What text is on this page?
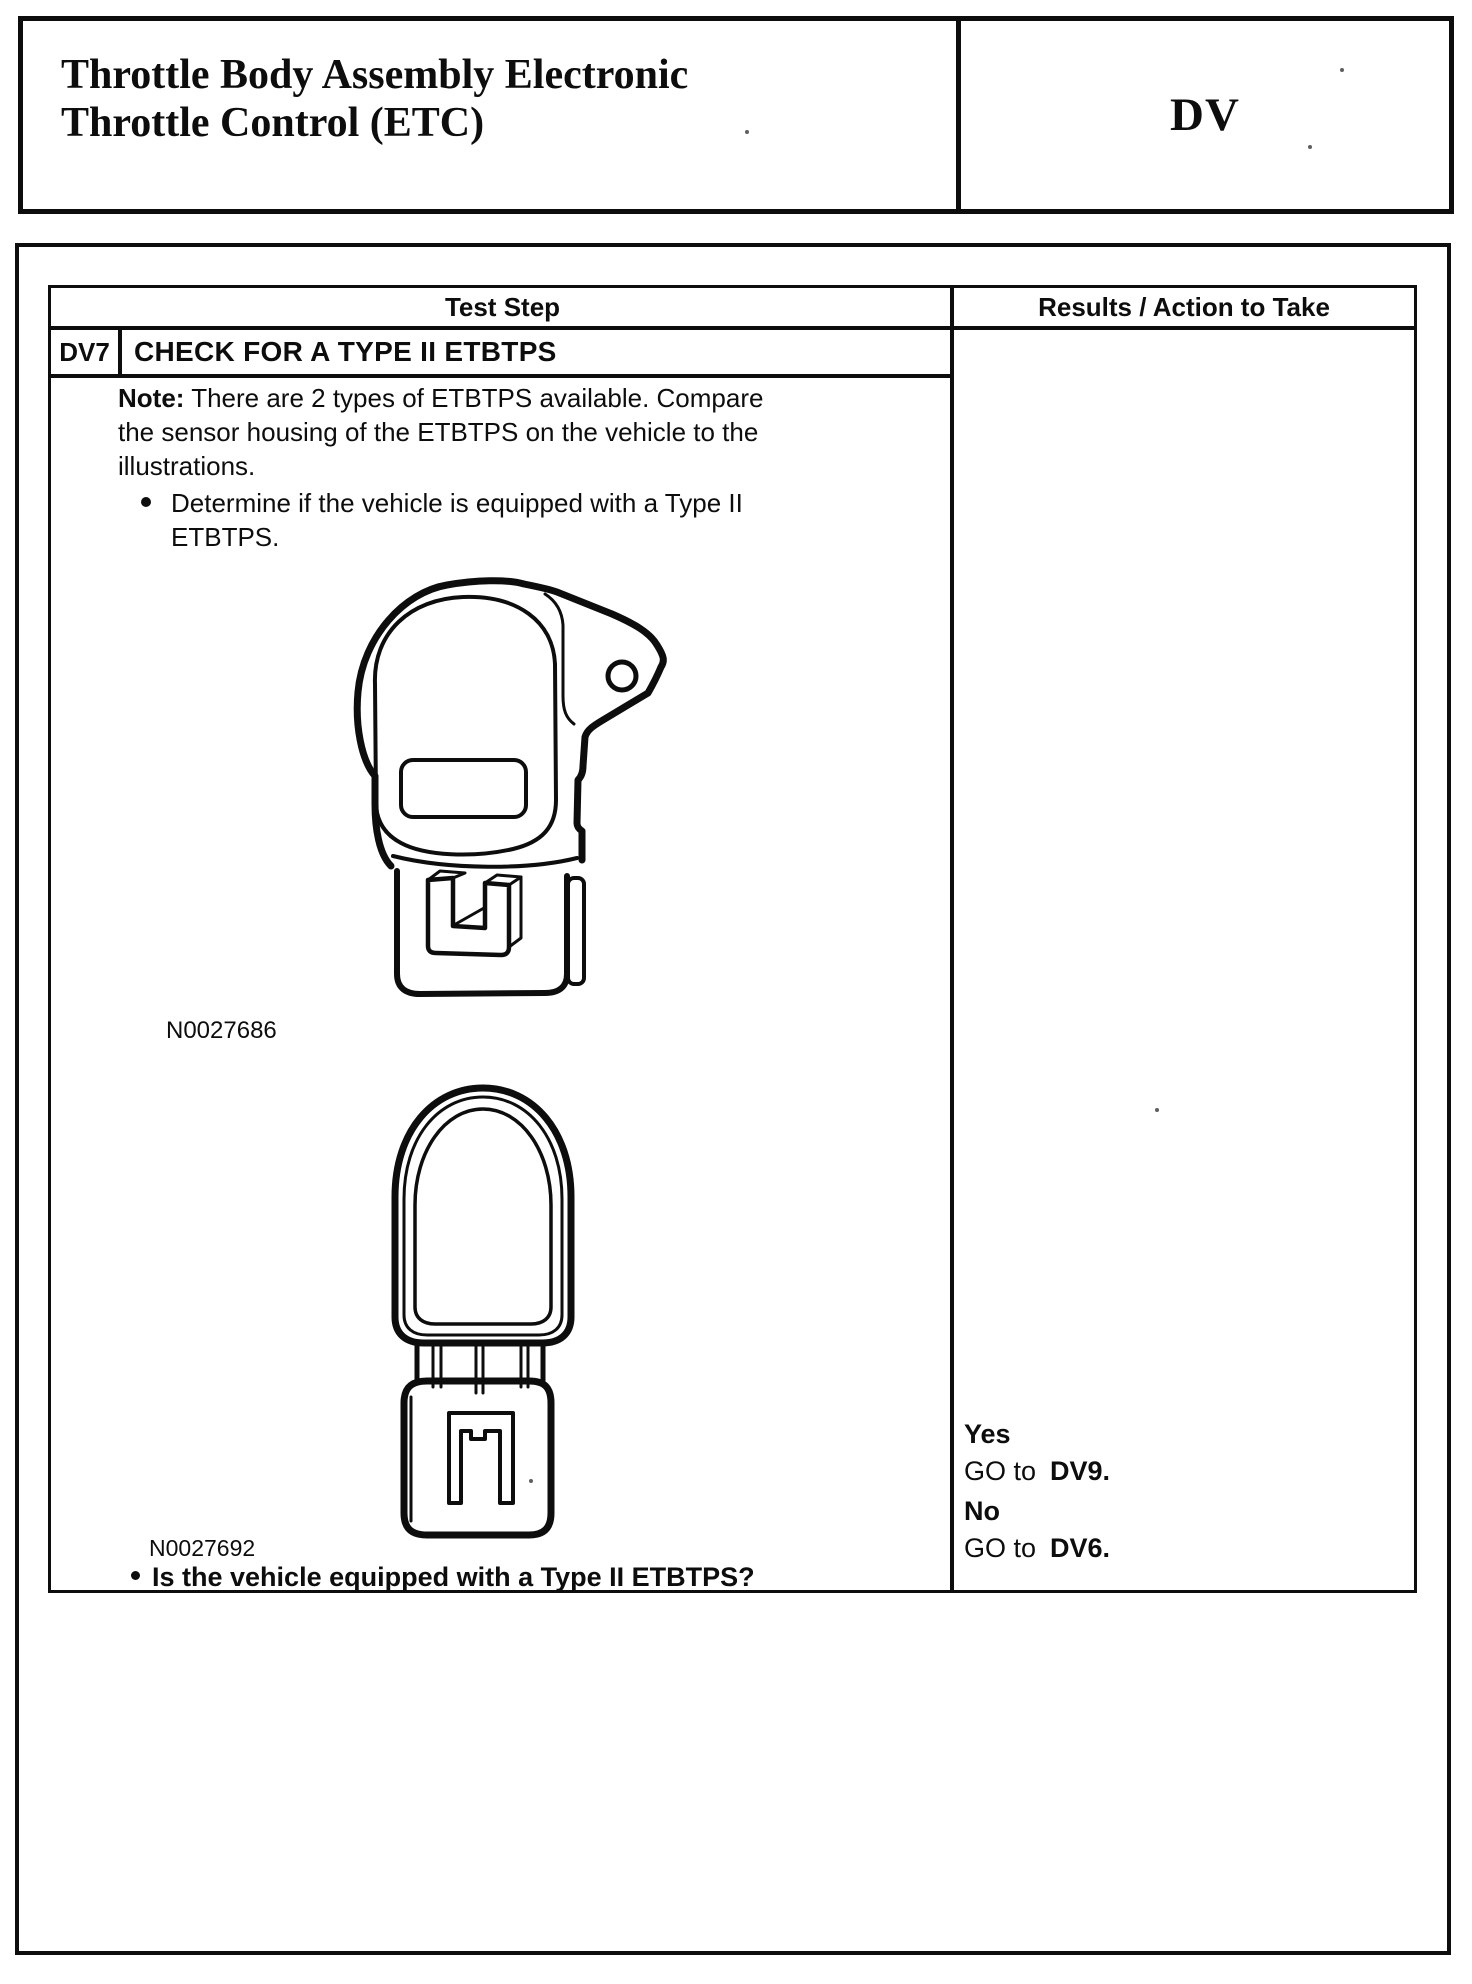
Throttle Body Assembly Electronic
Throttle Control (ETC)	DV
Test Step	Results / Action to Take
DV7 CHECK FOR A TYPE II ETBTPS
Note: There are 2 types of ETBTPS available. Compare the sensor housing of the ETBTPS on the vehicle to the illustrations.
Determine if the vehicle is equipped with a Type II
ETBTPS.
N0027686
N0027692
Is the vehicle equipped with a Type II ETBTPS?
Yes
GO to DV9.
No
GO to DV6.
